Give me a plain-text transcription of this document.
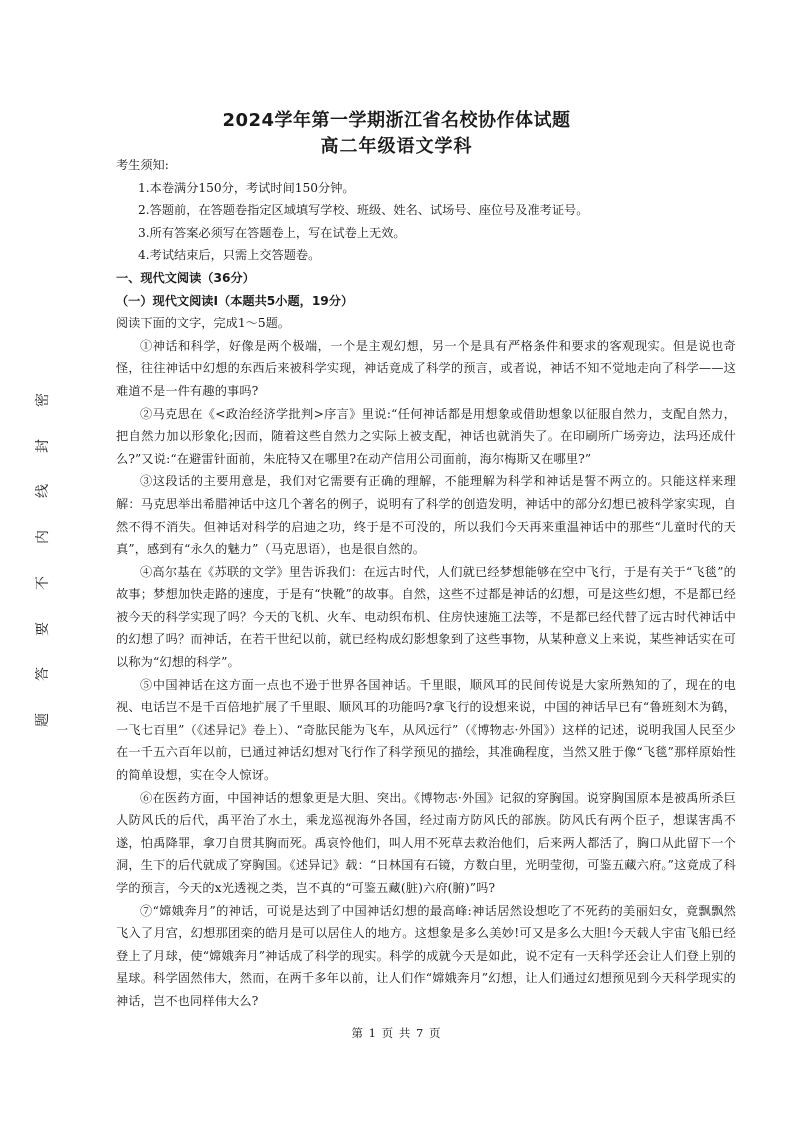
密
封
线
内
不
要
答
题
2024学年第一学期浙江省名校协作体试题
高二年级语文学科

考生须知:

1.本卷满分150分，考试时间150分钟。

2.答题前，在答题卷指定区域填写学校、班级、姓名、试场号、座位号及准考证号。

3.所有答案必须写在答题卷上，写在试卷上无效。

4.考试结束后，只需上交答题卷。

一、现代文阅读（36分）

（一）现代文阅读Ⅰ（本题共5小题，19分）

阅读下面的文字，完成1～5题。

①神话和科学，好像是两个极端，一个是主观幻想，另一个是具有严格条件和要求的客观现实。但是说也奇怪，往往神话中幻想的东西后来被科学实现，神话竟成了科学的预言，或者说，神话不知不觉地走向了科学——这难道不是一件有趣的事吗?

②马克思在《<政治经济学批判>序言》里说:“任何神话都是用想象或借助想象以征服自然力，支配自然力，把自然力加以形象化;因而，随着这些自然力之实际上被支配，神话也就消失了。在印刷所广场旁边，法玛还成什么?”又说:“在避雷针面前，朱庇特又在哪里?在动产信用公司面前，海尔梅斯又在哪里?”

③这段话的主要用意是，我们对它需要有正确的理解，不能理解为科学和神话是誓不两立的。只能这样来理解：马克思举出希腊神话中这几个著名的例子，说明有了科学的创造发明，神话中的部分幻想已被科学家实现，自然不得不消失。但神话对科学的启迪之功，终于是不可没的，所以我们今天再来重温神话中的那些“儿童时代的天真”，感到有“永久的魅力”（马克思语），也是很自然的。

④高尔基在《苏联的文学》里告诉我们：在远古时代，人们就已经梦想能够在空中飞行，于是有关于“飞毯”的故事；梦想加快走路的速度，于是有“快靴”的故事。自然，这些不过都是神话的幻想，可是这些幻想，不是都已经被今天的科学实现了吗？今天的飞机、火车、电动织布机、住房快速施工法等，不是都已经代替了远古时代神话中的幻想了吗？而神话，在若干世纪以前，就已经构成幻影想象到了这些事物，从某种意义上来说，某些神话实在可以称为“幻想的科学”。

⑤中国神话在这方面一点也不逊于世界各国神话。千里眼，顺风耳的民间传说是大家所熟知的了，现在的电视、电话岂不是千百倍地扩展了千里眼、顺风耳的功能吗?拿飞行的设想来说，中国的神话早已有“鲁班刻木为鹤，一飞七百里”（《述异记》卷上）、“奇肱民能为飞车，从风远行”（《博物志·外国》）这样的记述，说明我国人民至少在一千五六百年以前，已通过神话幻想对飞行作了科学预见的描绘，其准确程度，当然又胜于像“飞毯”那样原始性的简单设想，实在令人惊讶。

⑥在医药方面，中国神话的想象更是大胆、突出。《博物志·外国》记叙的穿胸国。说穿胸国原本是被禹所杀巨人防风氏的后代，禹平治了水土，乘龙巡视海外各国，经过南方防风氏的部族。防风氏有两个臣子，想谋害禹不遂，怕禹降罪，拿刀自贯其胸而死。禹哀怜他们，叫人用不死草去救治他们，后来两人都活了，胸口从此留下一个洞，生下的后代就成了穿胸国。《述异记》载：“日林国有石镜，方数白里，光明莹彻，可鉴五藏六府。”这竟成了科学的预言，今天的x光透视之类，岂不真的“可鉴五藏(脏)六府(腑)”吗?

⑦“嫦娥奔月”的神话，可说是达到了中国神话幻想的最高峰:神话居然设想吃了不死药的美丽妇女，竟飘飘然飞入了月宫，幻想那团栾的皓月是可以居住人的地方。这想象是多么美妙!可又是多么大胆!今天载人宇宙飞船已经登上了月球，使“嫦娥奔月”神话成了科学的现实。科学的成就今天是如此，说不定有一天科学还会让人们登上别的星球。科学固然伟大，然而，在两千多年以前，让人们作“嫦娥奔月”幻想，让人们通过幻想预见到今天科学现实的神话，岂不也同样伟大么?

第 1 页 共 7 页
